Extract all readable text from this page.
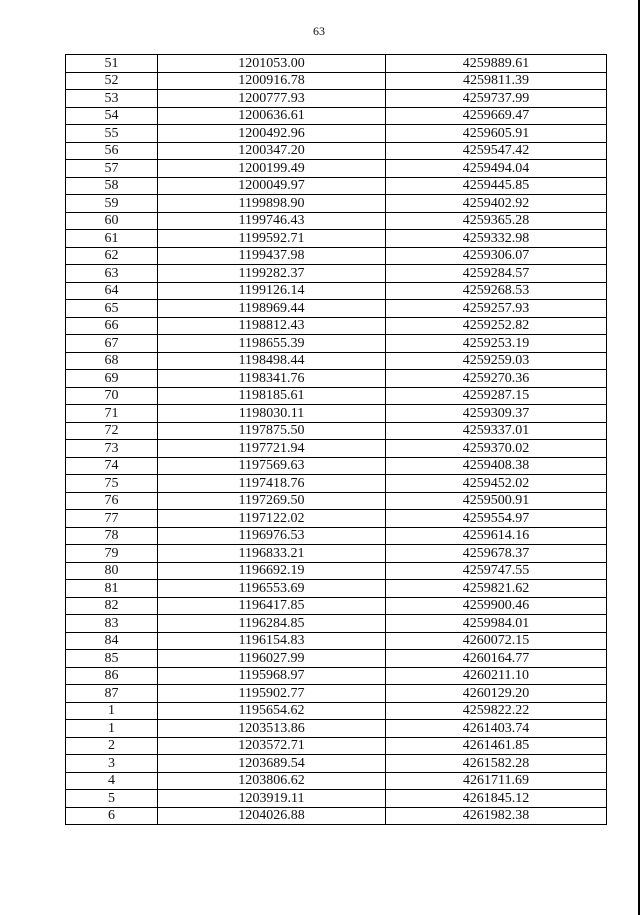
63
51	1201053.00	4259889.61
52	1200916.78	4259811.39
53	1200777.93	4259737.99
54	1200636.61	4259669.47
55	1200492.96	4259605.91
56	1200347.20	4259547.42
57	1200199.49	4259494.04
58	1200049.97	4259445.85
59	1199898.90	4259402.92
60	1199746.43	4259365.28
61	1199592.71	4259332.98
62	1199437.98	4259306.07
63	1199282.37	4259284.57
64	1199126.14	4259268.53
65	1198969.44	4259257.93
66	1198812.43	4259252.82
67	1198655.39	4259253.19
68	1198498.44	4259259.03
69	1198341.76	4259270.36
70	1198185.61	4259287.15
71	1198030.11	4259309.37
72	1197875.50	4259337.01
73	1197721.94	4259370.02
74	1197569.63	4259408.38
75	1197418.76	4259452.02
76	1197269.50	4259500.91
77	1197122.02	4259554.97
78	1196976.53	4259614.16
79	1196833.21	4259678.37
80	1196692.19	4259747.55
81	1196553.69	4259821.62
82	1196417.85	4259900.46
83	1196284.85	4259984.01
84	1196154.83	4260072.15
85	1196027.99	4260164.77
86	1195968.97	4260211.10
87	1195902.77	4260129.20
1	1195654.62	4259822.22
1	1203513.86	4261403.74
2	1203572.71	4261461.85
3	1203689.54	4261582.28
4	1203806.62	4261711.69
5	1203919.11	4261845.12
6	1204026.88	4261982.38
